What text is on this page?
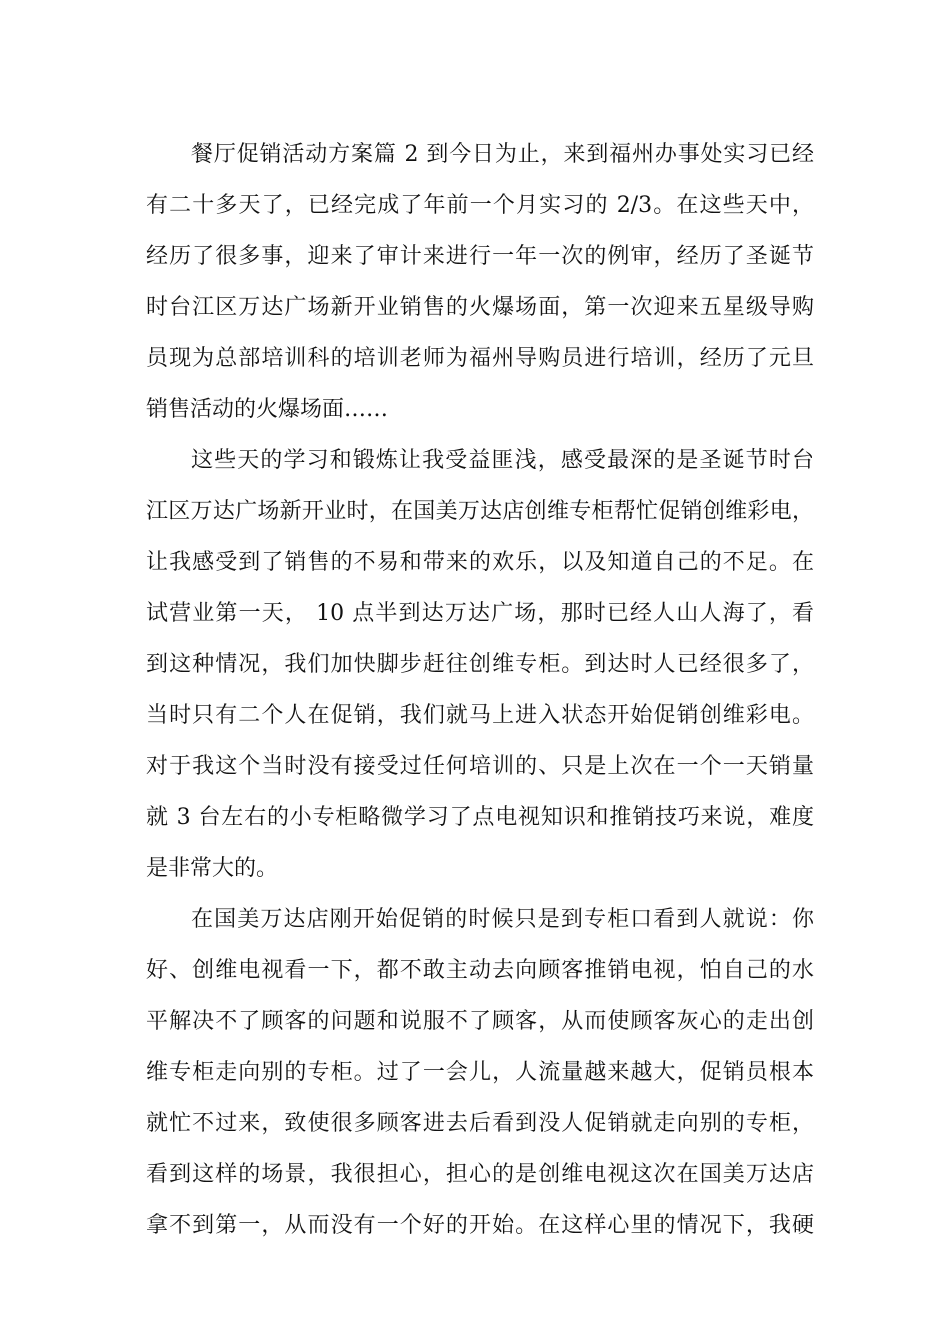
餐厅促销活动方案篇 2 到今日为止，来到福州办事处实习已经
有二十多天了，已经完成了年前一个月实习的 2/3。在这些天中，
经历了很多事，迎来了审计来进行一年一次的例审，经历了圣诞节
时台江区万达广场新开业销售的火爆场面，第一次迎来五星级导购
员现为总部培训科的培训老师为福州导购员进行培训，经历了元旦
销售活动的火爆场面……
这些天的学习和锻炼让我受益匪浅，感受最深的是圣诞节时台
江区万达广场新开业时，在国美万达店创维专柜帮忙促销创维彩电，
让我感受到了销售的不易和带来的欢乐，以及知道自己的不足。在
试营业第一天， 10 点半到达万达广场，那时已经人山人海了，看
到这种情况，我们加快脚步赶往创维专柜。到达时人已经很多了，
当时只有二个人在促销，我们就马上进入状态开始促销创维彩电。
对于我这个当时没有接受过任何培训的、只是上次在一个一天销量
就 3 台左右的小专柜略微学习了点电视知识和推销技巧来说，难度
是非常大的。
在国美万达店刚开始促销的时候只是到专柜口看到人就说：你
好、创维电视看一下，都不敢主动去向顾客推销电视，怕自己的水
平解决不了顾客的问题和说服不了顾客，从而使顾客灰心的走出创
维专柜走向别的专柜。过了一会儿，人流量越来越大，促销员根本
就忙不过来，致使很多顾客进去后看到没人促销就走向别的专柜，
看到这样的场景，我很担心，担心的是创维电视这次在国美万达店
拿不到第一，从而没有一个好的开始。在这样心里的情况下，我硬
